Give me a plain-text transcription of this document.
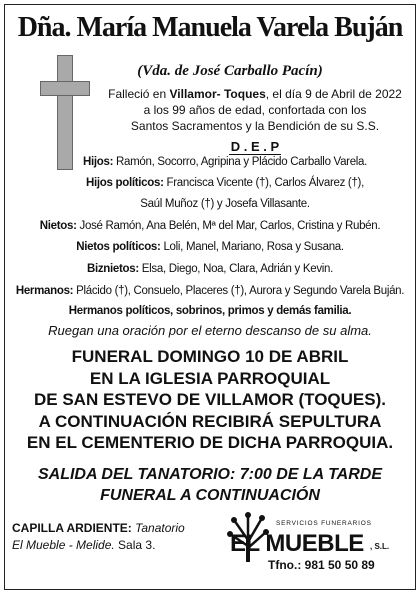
Dña. María Manuela Varela Buján
(Vda. de José Carballo Pacín)
Falleció en Villamor- Toques, el día 9 de Abril de 2022
a los 99 años de edad, confortada con los
Santos Sacramentos y la Bendición de su S.S.
D . E . P
Hijos: Ramón, Socorro, Agripina y Plácido Carballo Varela.
Hijos políticos: Francisca Vicente (†), Carlos Álvarez (†),
Saúl Muñoz (†) y Josefa Villasante.
Nietos: José Ramón, Ana Belén, Mª del Mar, Carlos, Cristina y Rubén.
Nietos políticos: Loli, Manel, Mariano, Rosa y Susana.
Biznietos: Elsa, Diego, Noa, Clara, Adrián y Kevin.
Hermanos: Plácido (†), Consuelo, Placeres (†), Aurora y Segundo Varela Buján.
Hermanos políticos, sobrinos, primos y demás familia.
Ruegan una oración por el eterno descanso de su alma.
FUNERAL DOMINGO 10 DE ABRIL
EN LA IGLESIA PARROQUIAL
DE SAN ESTEVO DE VILLAMOR (TOQUES).
A CONTINUACIÓN RECIBIRÁ SEPULTURA
EN EL CEMENTERIO DE DICHA PARROQUIA.
SALIDA DEL TANATORIO: 7:00 DE LA TARDE
FUNERAL A CONTINUACIÓN
CAPILLA ARDIENTE: Tanatorio
El Mueble - Melide. Sala 3.
SERVICIOS FUNERARIOS
EL MUEBLE , S.L.
Tfno.: 981 50 50 89
